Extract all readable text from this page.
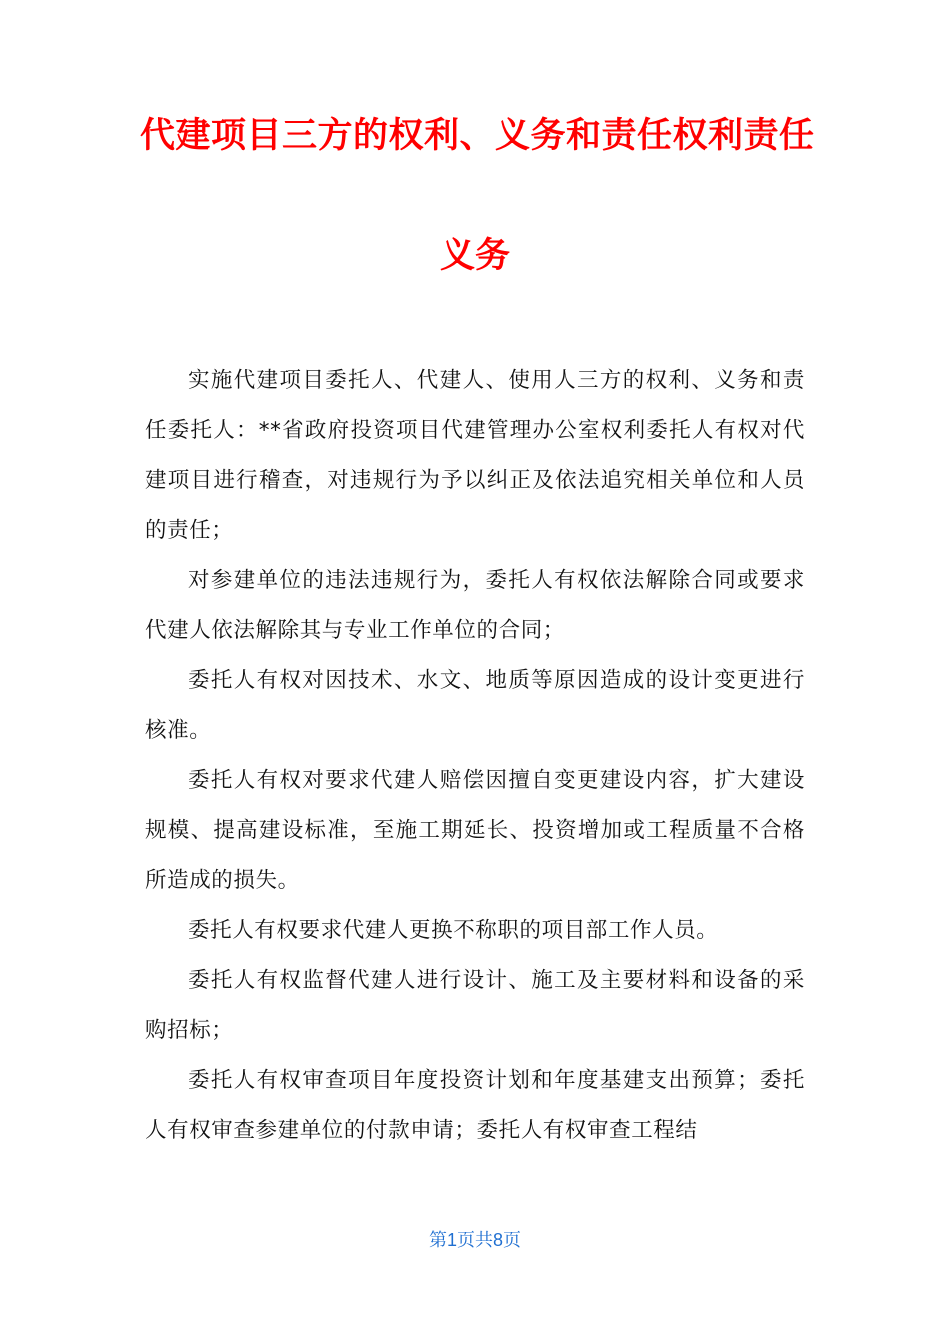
代建项目三方的权利、义务和责任权利责任
义务

实施代建项目委托人、代建人、使用人三方的权利、义务和责任委托人：**省政府投资项目代建管理办公室权利委托人有权对代建项目进行稽查，对违规行为予以纠正及依法追究相关单位和人员的责任；

对参建单位的违法违规行为，委托人有权依法解除合同或要求代建人依法解除其与专业工作单位的合同；

委托人有权对因技术、水文、地质等原因造成的设计变更进行核准。

委托人有权对要求代建人赔偿因擅自变更建设内容，扩大建设规模、提高建设标准，至施工期延长、投资增加或工程质量不合格所造成的损失。

委托人有权要求代建人更换不称职的项目部工作人员。

委托人有权监督代建人进行设计、施工及主要材料和设备的采购招标；

委托人有权审查项目年度投资计划和年度基建支出预算；委托人有权审查参建单位的付款申请；委托人有权审查工程结

第1页共8页
